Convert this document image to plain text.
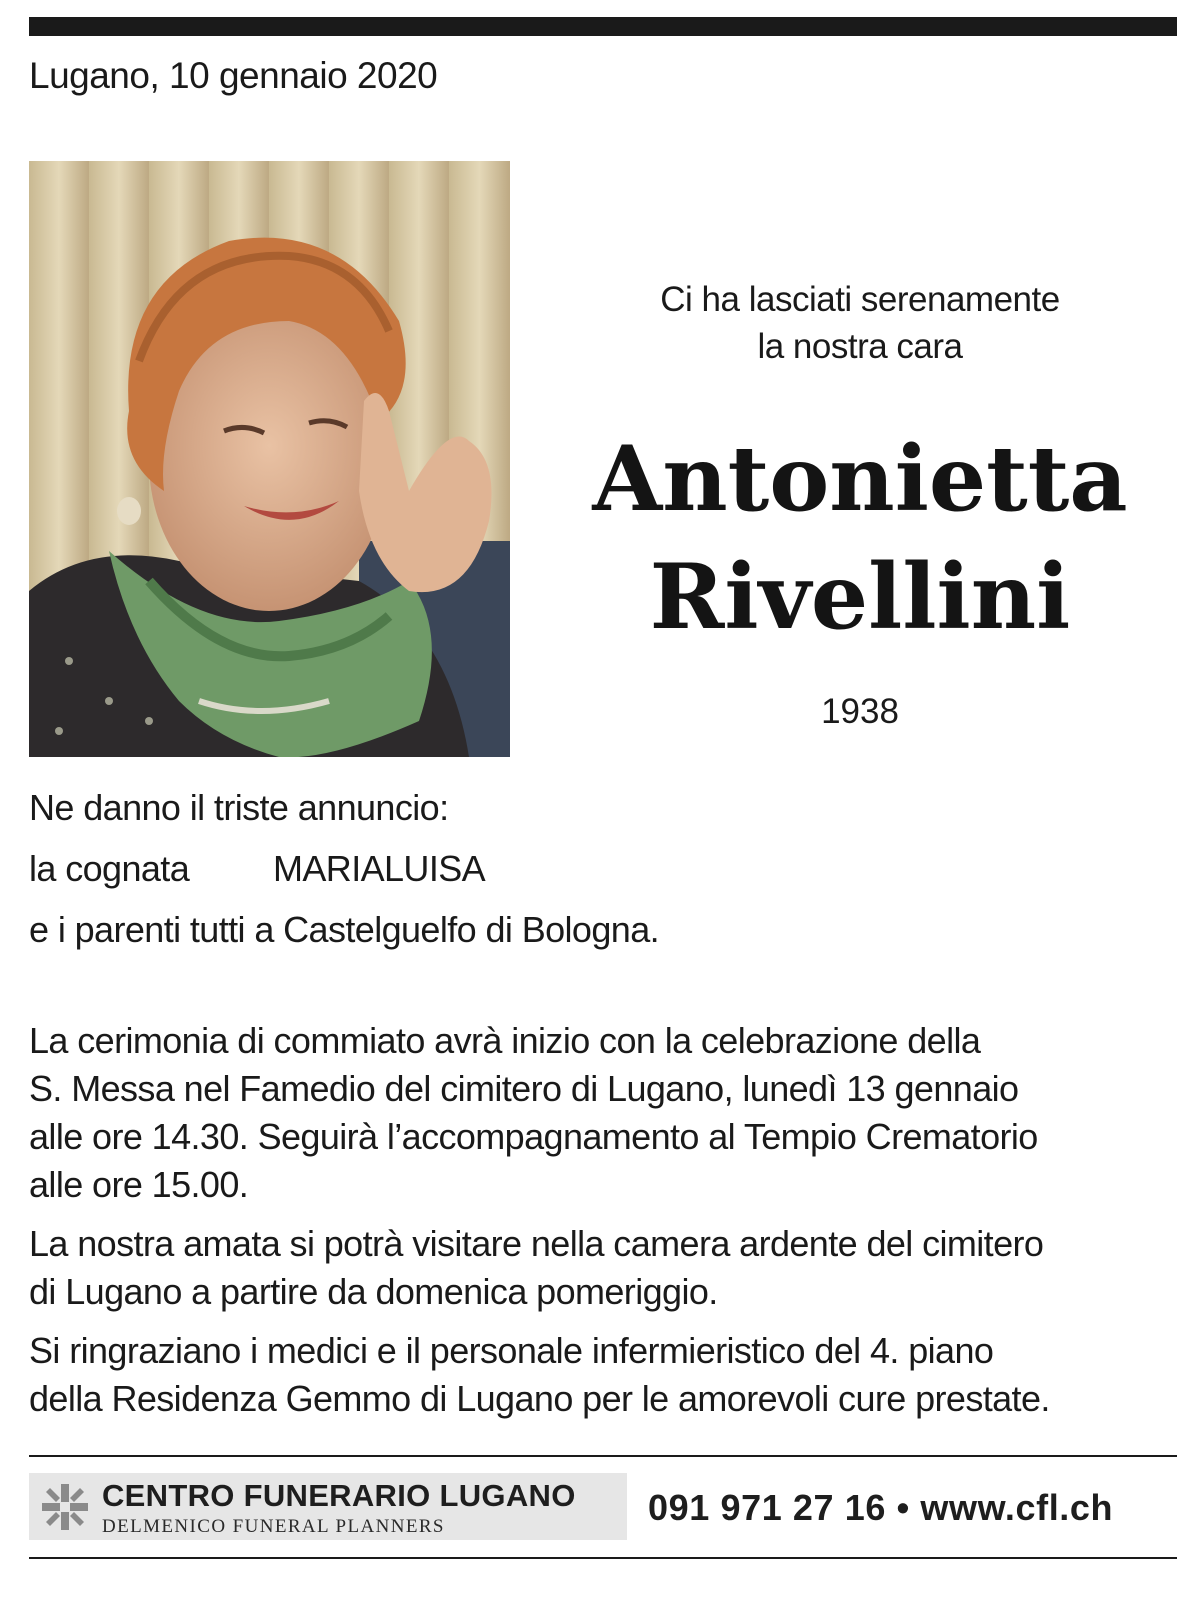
Lugano, 10 gennaio 2020
Ci ha lasciati serenamente
la nostra cara
Antonietta
Rivellini
1938
Ne danno il triste annuncio:
la cognata MARIALUISA
e i parenti tutti a Castelguelfo di Bologna.

La cerimonia di commiato avrà inizio con la celebrazione della
S. Messa nel Famedio del cimitero di Lugano, lunedì 13 gennaio
alle ore 14.30. Seguirà l’accompagnamento al Tempio Crematorio
alle ore 15.00.

La nostra amata si potrà visitare nella camera ardente del cimitero
di Lugano a partire da domenica pomeriggio.

Si ringraziano i medici e il personale infermieristico del 4. piano
della Residenza Gemmo di Lugano per le amorevoli cure prestate.

CENTRO FUNERARIO LUGANO
DELMENICO FUNERAL PLANNERS	091 971 27 16 • www.cfl.ch
